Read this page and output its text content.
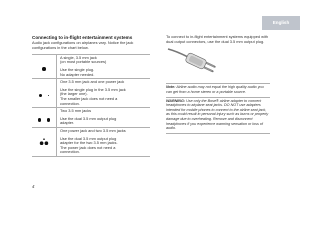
English
Connecting to in-flight entertainment systems

Audio jack configurations on airplanes vary. Notice the jack configurations in the chart below.

	A single, 3.5 mm jack
(on most portable sources)
Use the single plug.
No adapter needed.

	One 3.5 mm jack and one power jack
Use the single plug in the 3.5 mm jack
(the larger one).
The smaller jack does not need a
connection.

	Two 3.5 mm jacks
Use the dual 3.5 mm output plug
adapter.

One power jack and two 3.5 mm jacks
Use the dual 3.5 mm output plug
adapter for the two 3.5 mm jacks.
The power jack does not need a
connection.

To connect to in-flight entertainment systems equipped with dual output connectors, use the dual 3.5 mm output plug.

Note: Airline audio may not equal the high quality audio you can get from a home stereo or a portable source.

WARNING: Use only the Bose® airline adapter to connect headphones to airplane seat jacks. DO NOT use adapters intended for mobile phones to connect to the airline seat jack, as this could result in personal injury such as burns or property damage due to overheating. Remove and disconnect headphones if you experience warming sensation or loss of audio.

4
